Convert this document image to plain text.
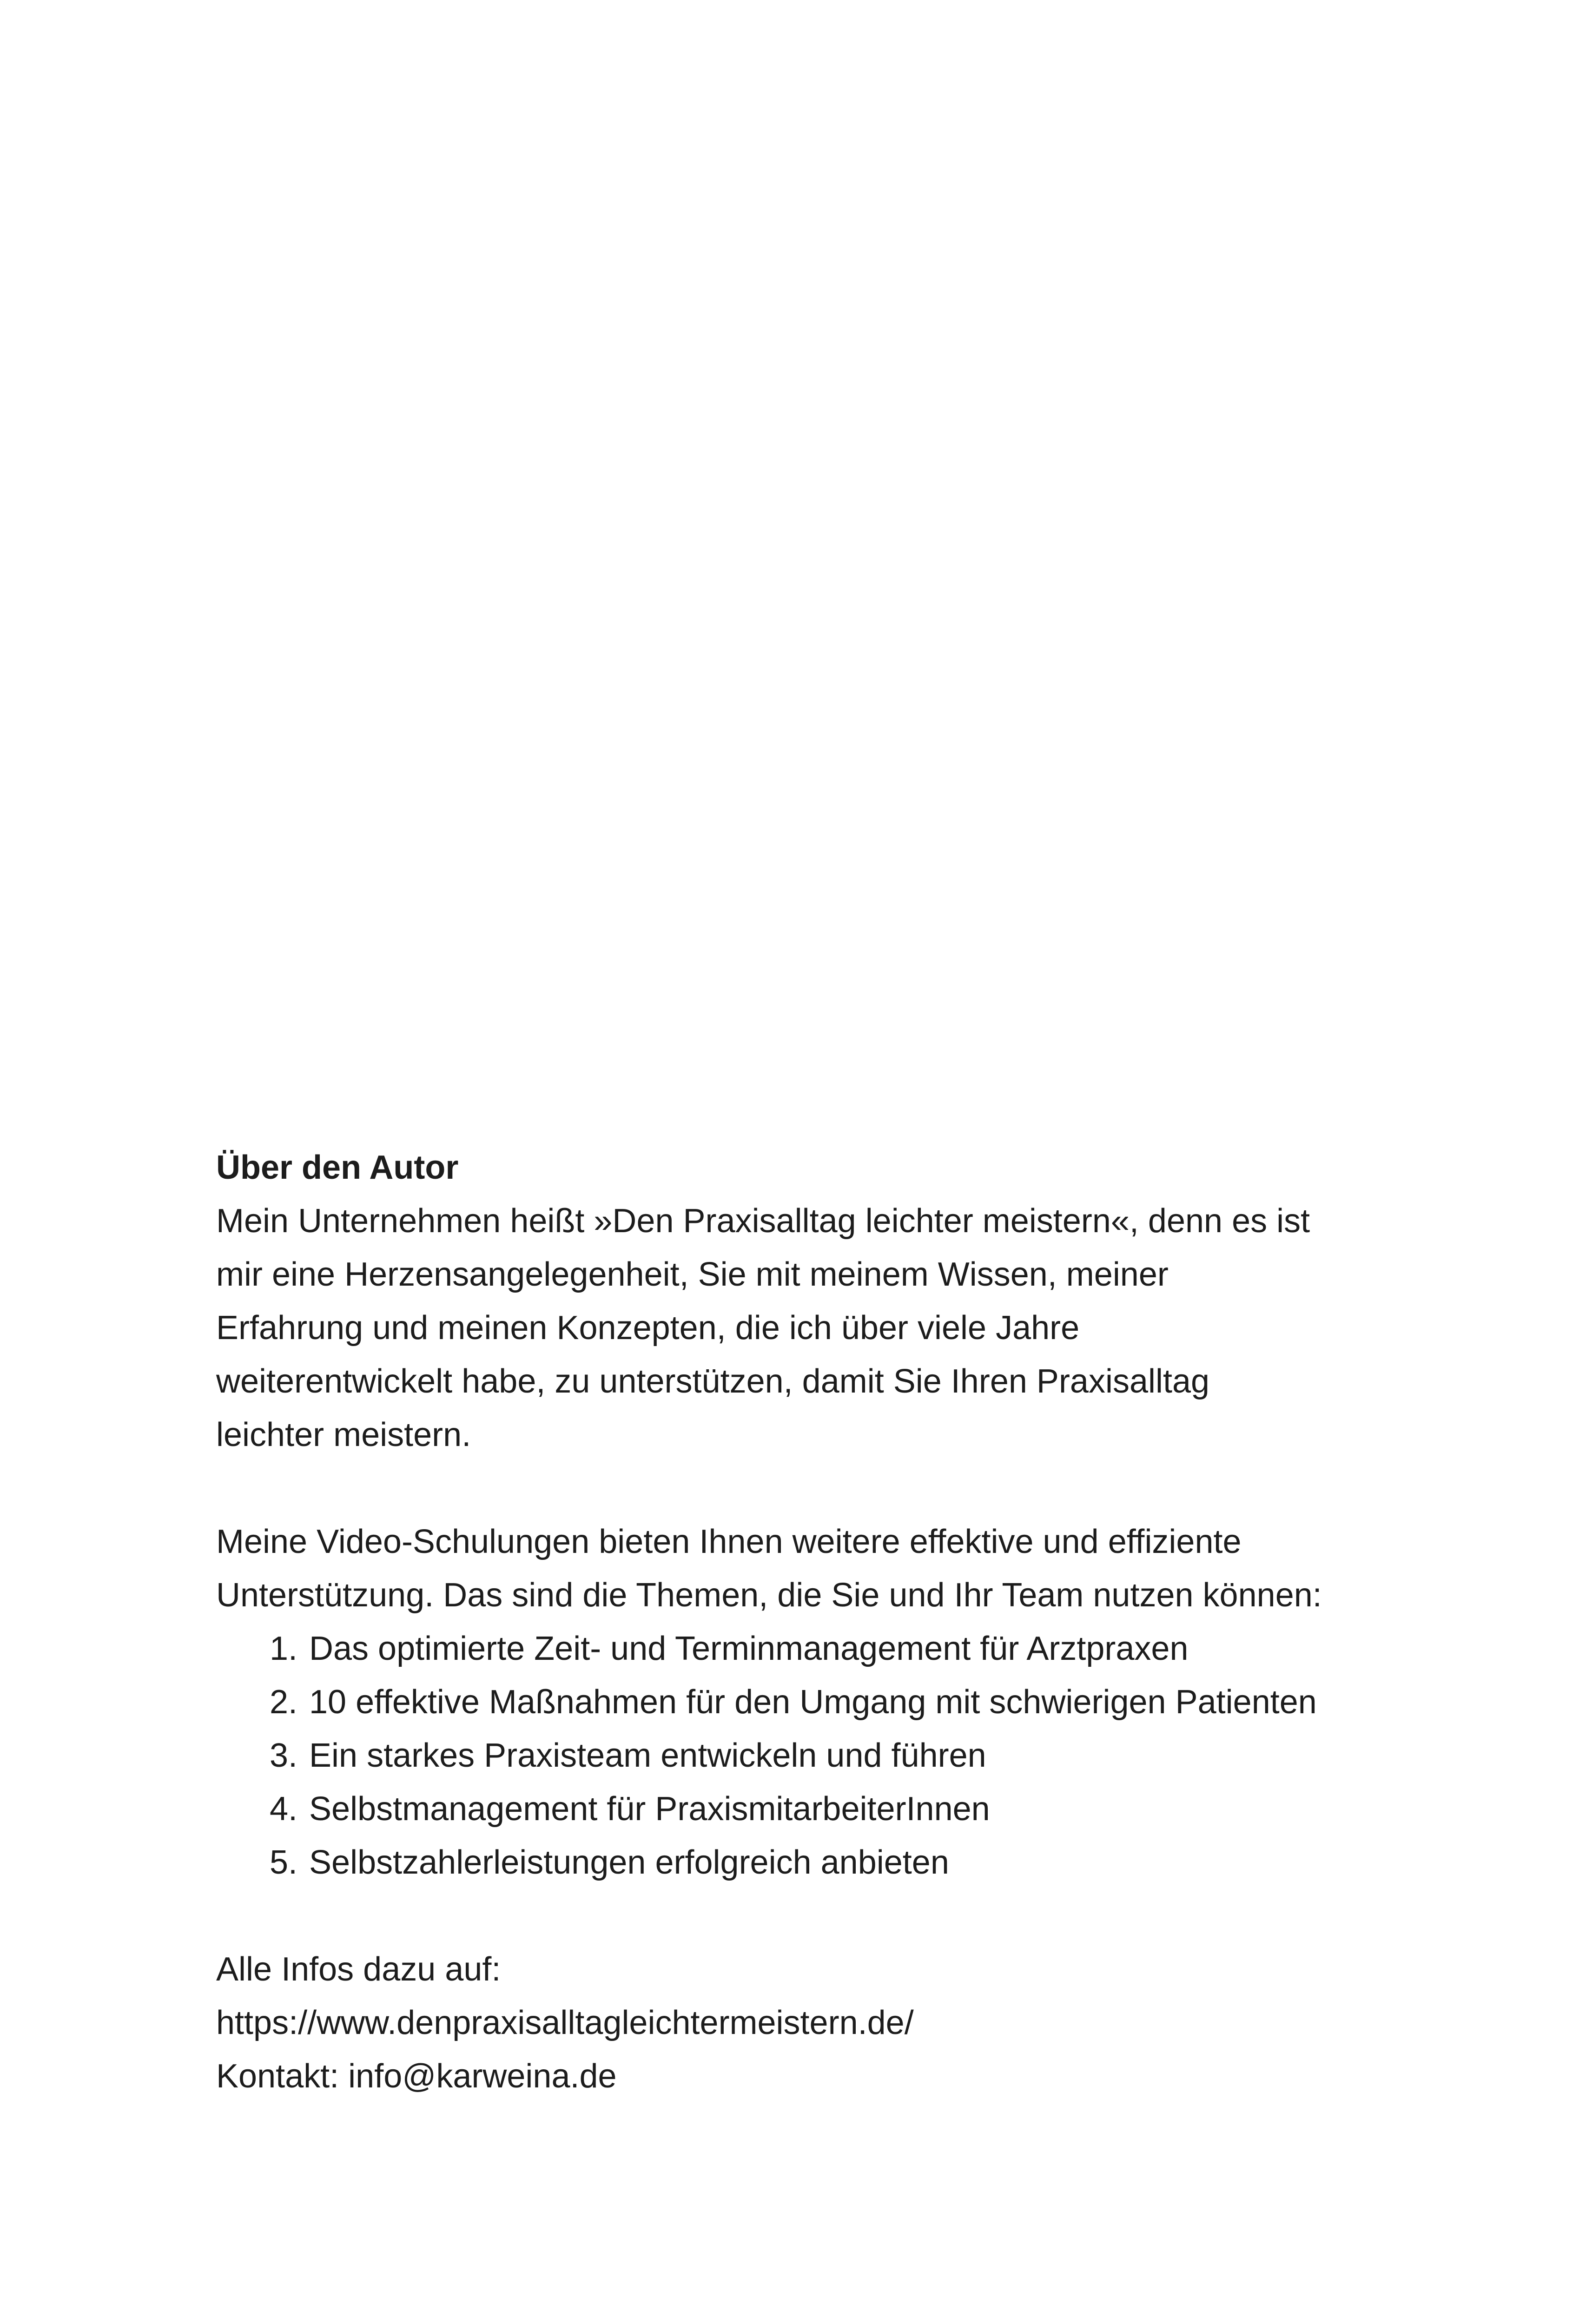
Über den Autor

Mein Unternehmen heißt »Den Praxisalltag leichter meistern«, denn es ist
mir eine Herzensangelegenheit, Sie mit meinem Wissen, meiner
Erfahrung und meinen Konzepten, die ich über viele Jahre
weiterentwickelt habe, zu unterstützen, damit Sie Ihren Praxisalltag
leichter meistern.

Meine Video-Schulungen bieten Ihnen weitere effektive und effiziente
Unterstützung. Das sind die Themen, die Sie und Ihr Team nutzen können:

1. Das optimierte Zeit- und Terminmanagement für Arztpraxen
2. 10 effektive Maßnahmen für den Umgang mit schwierigen Patienten
3. Ein starkes Praxisteam entwickeln und führen
4. Selbstmanagement für PraxismitarbeiterInnen
5. Selbstzahlerleistungen erfolgreich anbieten

Alle Infos dazu auf:
https://www.denpraxisalltagleichtermeistern.de/
Kontakt: info@karweina.de
